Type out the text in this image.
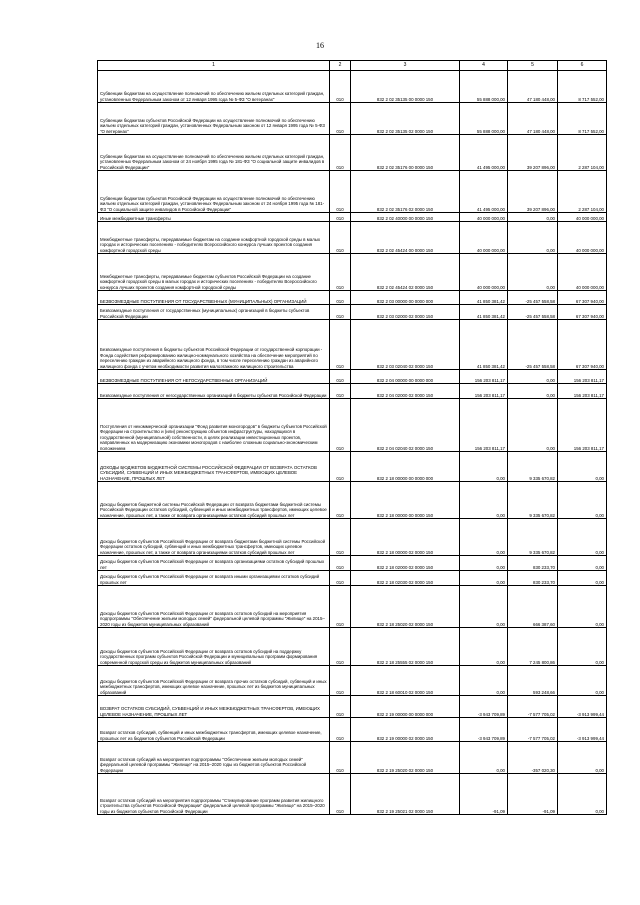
16
1	2	3	4	5	6
Субвенции бюджетам на осуществление полномочий по обеспечению жильем отдельных категорий граждан, установленных Федеральным законом от 12 января 1995 года № 5-ФЗ "О ветеранах"	010	832 2 02 35135 00 0000 150	55 888 000,00	47 180 448,00	8 717 552,00
Субвенции бюджетам субъектов Российской Федерации на осуществление полномочий по обеспечению жильем отдельных категорий граждан, установленных Федеральным законом от 12 января 1995 года № 5-ФЗ "О ветеранах"	010	832 2 02 35135 02 0000 150	55 888 000,00	47 180 448,00	8 717 552,00
Субвенции бюджетам на осуществление полномочий по обеспечению жильем отдельных категорий граждан, установленных Федеральным законом от 24 ноября 1995 года № 181-ФЗ "О социальной защите инвалидов в Российской Федерации"	010	832 2 02 35176 00 0000 150	41 495 000,00	39 207 896,00	2 287 104,00
Субвенции бюджетам субъектов Российской Федерации на осуществление полномочий по обеспечению жильем отдельных категорий граждан, установленных Федеральным законом от 24 ноября 1995 года № 181-ФЗ "О социальной защите инвалидов в Российской Федерации"	010	832 2 02 35176 02 0000 150	41 495 000,00	39 207 896,00	2 287 104,00
Иные межбюджетные трансферты	010	832 2 02 40000 00 0000 150	40 000 000,00	0,00	40 000 000,00
Межбюджетные трансферты, передаваемые бюджетам на создание комфортной городской среды в малых городах и исторических поселениях - победителях Всероссийского конкурса лучших проектов создания комфортной городской среды	010	832 2 02 45424 00 0000 150	40 000 000,00	0,00	40 000 000,00
Межбюджетные трансферты, передаваемые бюджетам субъектов Российской Федерации на создание комфортной городской среды в малых городах и исторических поселениях - победителях Всероссийского конкурса лучших проектов создания комфортной городской среды	010	832 2 02 45424 02 0000 150	40 000 000,00	0,00	40 000 000,00
БЕЗВОЗМЕЗДНЫЕ ПОСТУПЛЕНИЯ ОТ ГОСУДАРСТВЕННЫХ (МУНИЦИПАЛЬНЫХ) ОРГАНИЗАЦИЙ	010	832 2 03 00000 00 0000 000	41 850 381,42	-25 457 558,58	67 307 940,00
Безвозмездные поступления от государственных (муниципальных) организаций в бюджеты субъектов Российской Федерации	010	832 2 03 02000 02 0000 150	41 850 381,42	-25 457 558,58	67 307 940,00
Безвозмездные поступления в бюджеты субъектов Российской Федерации от государственной корпорации - Фонда содействия реформированию жилищно-коммунального хозяйства на обеспечение мероприятий по переселению граждан из аварийного жилищного фонда, в том числе переселению граждан из аварийного жилищного фонда с учетом необходимости развития малоэтажного жилищного строительства	010	832 2 03 02040 02 0000 150	41 850 381,42	-25 457 558,58	67 307 940,00
БЕЗВОЗМЕЗДНЫЕ ПОСТУПЛЕНИЯ ОТ НЕГОСУДАРСТВЕННЫХ ОРГАНИЗАЦИЙ	010	832 2 04 00000 00 0000 000	156 203 811,17	0,00	156 203 811,17
Безвозмездные поступления от негосударственных организаций в бюджеты субъектов Российской Федерации	010	832 2 04 02000 02 0000 150	156 203 811,17	0,00	156 203 811,17
Поступления от некоммерческой организации "Фонд развития моногородов" в бюджеты субъектов Российской Федерации на строительство и (или) реконструкцию объектов инфраструктуры, находящихся в государственной (муниципальной) собственности, в целях реализации инвестиционных проектов, направленных на модернизацию экономики моногородов с наиболее сложным социально-экономическим положением	010	832 2 04 02040 02 0000 150	156 203 811,17	0,00	156 203 811,17
ДОХОДЫ БЮДЖЕТОВ БЮДЖЕТНОЙ СИСТЕМЫ РОССИЙСКОЙ ФЕДЕРАЦИИ ОТ ВОЗВРАТА ОСТАТКОВ СУБСИДИЙ, СУБВЕНЦИЙ И ИНЫХ МЕЖБЮДЖЕТНЫХ ТРАНСФЕРТОВ, ИМЕЮЩИХ ЦЕЛЕВОЕ НАЗНАЧЕНИЕ, ПРОШЛЫХ ЛЕТ	010	832 2 18 00000 00 0000 000	0,00	9 335 670,82	0,00
Доходы бюджетов бюджетной системы Российской Федерации от возврата бюджетами бюджетной системы Российской Федерации остатков субсидий, субвенций и иных межбюджетных трансфертов, имеющих целевое назначение, прошлых лет, а также от возврата организациями остатков субсидий прошлых лет	010	832 2 18 00000 00 0000 150	0,00	9 335 670,82	0,00
Доходы бюджетов субъектов Российской Федерации от возврата бюджетами бюджетной системы Российской Федерации остатков субсидий, субвенций и иных межбюджетных трансфертов, имеющих целевое назначение, прошлых лет, а также от возврата организациями остатков субсидий прошлых лет	010	832 2 18 00000 02 0000 150	0,00	9 335 670,82	0,00
Доходы бюджетов субъектов Российской Федерации от возврата организациями остатков субсидий прошлых лет	010	832 2 18 02000 02 0000 150	0,00	830 233,70	0,00
Доходы бюджетов субъектов Российской Федерации от возврата иными организациями остатков субсидий прошлых лет	010	832 2 18 02030 02 0000 150	0,00	830 233,70	0,00
Доходы бюджетов субъектов Российской Федерации от возврата остатков субсидий на мероприятия подпрограммы "Обеспечение жильем молодых семей" федеральной целевой программы "Жилище" на 2015–2020 годы из бюджетов муниципальных образований	010	832 2 18 25020 02 0000 150	0,00	666 387,60	0,00
Доходы бюджетов субъектов Российской Федерации от возврата остатков субсидий на поддержку государственных программ субъектов Российской Федерации и муниципальных программ формирования современной городской среды из бюджетов муниципальных образований	010	832 2 18 25555 02 0000 150	0,00	7 245 800,86	0,00
Доходы бюджетов субъектов Российской Федерации от возврата прочих остатков субсидий, субвенций и иных межбюджетных трансфертов, имеющих целевое назначение, прошлых лет из бюджетов муниципальных образований	010	832 2 18 60010 02 0000 150	0,00	593 248,66	0,00
ВОЗВРАТ ОСТАТКОВ СУБСИДИЙ, СУБВЕНЦИЙ И ИНЫХ МЕЖБЮДЖЕТНЫХ ТРАНСФЕРТОВ, ИМЕЮЩИХ ЦЕЛЕВОЕ НАЗНАЧЕНИЕ, ПРОШЛЫХ ЛЕТ	010	832 2 19 00000 00 0000 000	-3 943 709,89	-7 577 705,02	-3 913 999,44
Возврат остатков субсидий, субвенций и иных межбюджетных трансфертов, имеющих целевое назначение, прошлых лет из бюджетов субъектов Российской Федерации	010	832 2 19 00000 02 0000 150	-3 943 709,89	-7 577 705,02	-3 913 999,44
Возврат остатков субсидий на мероприятия подпрограммы "Обеспечение жильем молодых семей" федеральной целевой программы "Жилище" на 2015–2020 годы из бюджетов субъектов Российской Федерации	010	832 2 19 25020 02 0000 150	0,00	-357 020,30	0,00
Возврат остатков субсидий на мероприятия подпрограммы "Стимулирование программ развития жилищного строительства субъектов Российской Федерации" федеральной целевой программы "Жилище" на 2015–2020 годы из бюджетов субъектов Российской Федерации	010	832 2 19 25021 02 0000 150	-91,09	-91,09	0,00
